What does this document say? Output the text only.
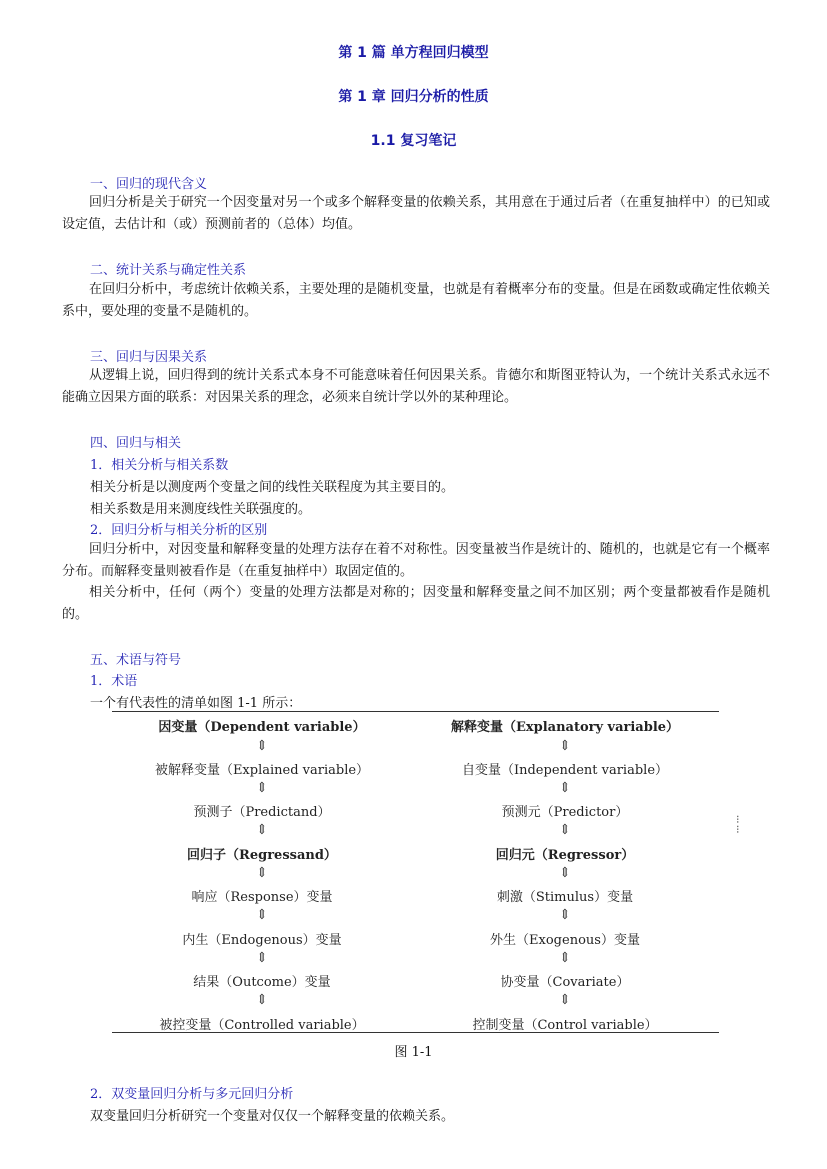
第 1 篇 单方程回归模型
第 1 章 回归分析的性质
1.1 复习笔记
一、回归的现代含义
回归分析是关于研究一个因变量对另一个或多个解释变量的依赖关系，其用意在于通过后者（在重复抽样中）的已知或设定值，去估计和（或）预测前者的（总体）均值。
二、统计关系与确定性关系
在回归分析中，考虑统计依赖关系，主要处理的是随机变量，也就是有着概率分布的变量。但是在函数或确定性依赖关系中，要处理的变量不是随机的。
三、回归与因果关系
从逻辑上说，回归得到的统计关系式本身不可能意味着任何因果关系。肯德尔和斯图亚特认为，一个统计关系式永远不能确立因果方面的联系：对因果关系的理念，必须来自统计学以外的某种理论。
四、回归与相关
1．相关分析与相关系数
相关分析是以测度两个变量之间的线性关联程度为其主要目的。
相关系数是用来测度线性关联强度的。
2．回归分析与相关分析的区别
回归分析中，对因变量和解释变量的处理方法存在着不对称性。因变量被当作是统计的、随机的，也就是它有一个概率分布。而解释变量则被看作是（在重复抽样中）取固定值的。
相关分析中，任何（两个）变量的处理方法都是对称的；因变量和解释变量之间不加区别；两个变量都被看作是随机的。
五、术语与符号
1．术语
一个有代表性的清单如图 1-1 所示：
因变量（Dependent variable）	解释变量（Explanatory variable）
⇕	⇕
被解释变量（Explained variable）	自变量（Independent variable）
⇕	⇕
预测子（Predictand）	预测元（Predictor）
⇕	⇕
回归子（Regressand）	回归元（Regressor）
⇕	⇕
响应（Response）变量	刺激（Stimulus）变量
⇕	⇕
内生（Endogenous）变量	外生（Exogenous）变量
⇕	⇕
结果（Outcome）变量	协变量（Covariate）
⇕	⇕
被控变量（Controlled variable）	控制变量（Control variable）
⁝
⁝
图 1-1
2．双变量回归分析与多元回归分析
双变量回归分析研究一个变量对仅仅一个解释变量的依赖关系。
